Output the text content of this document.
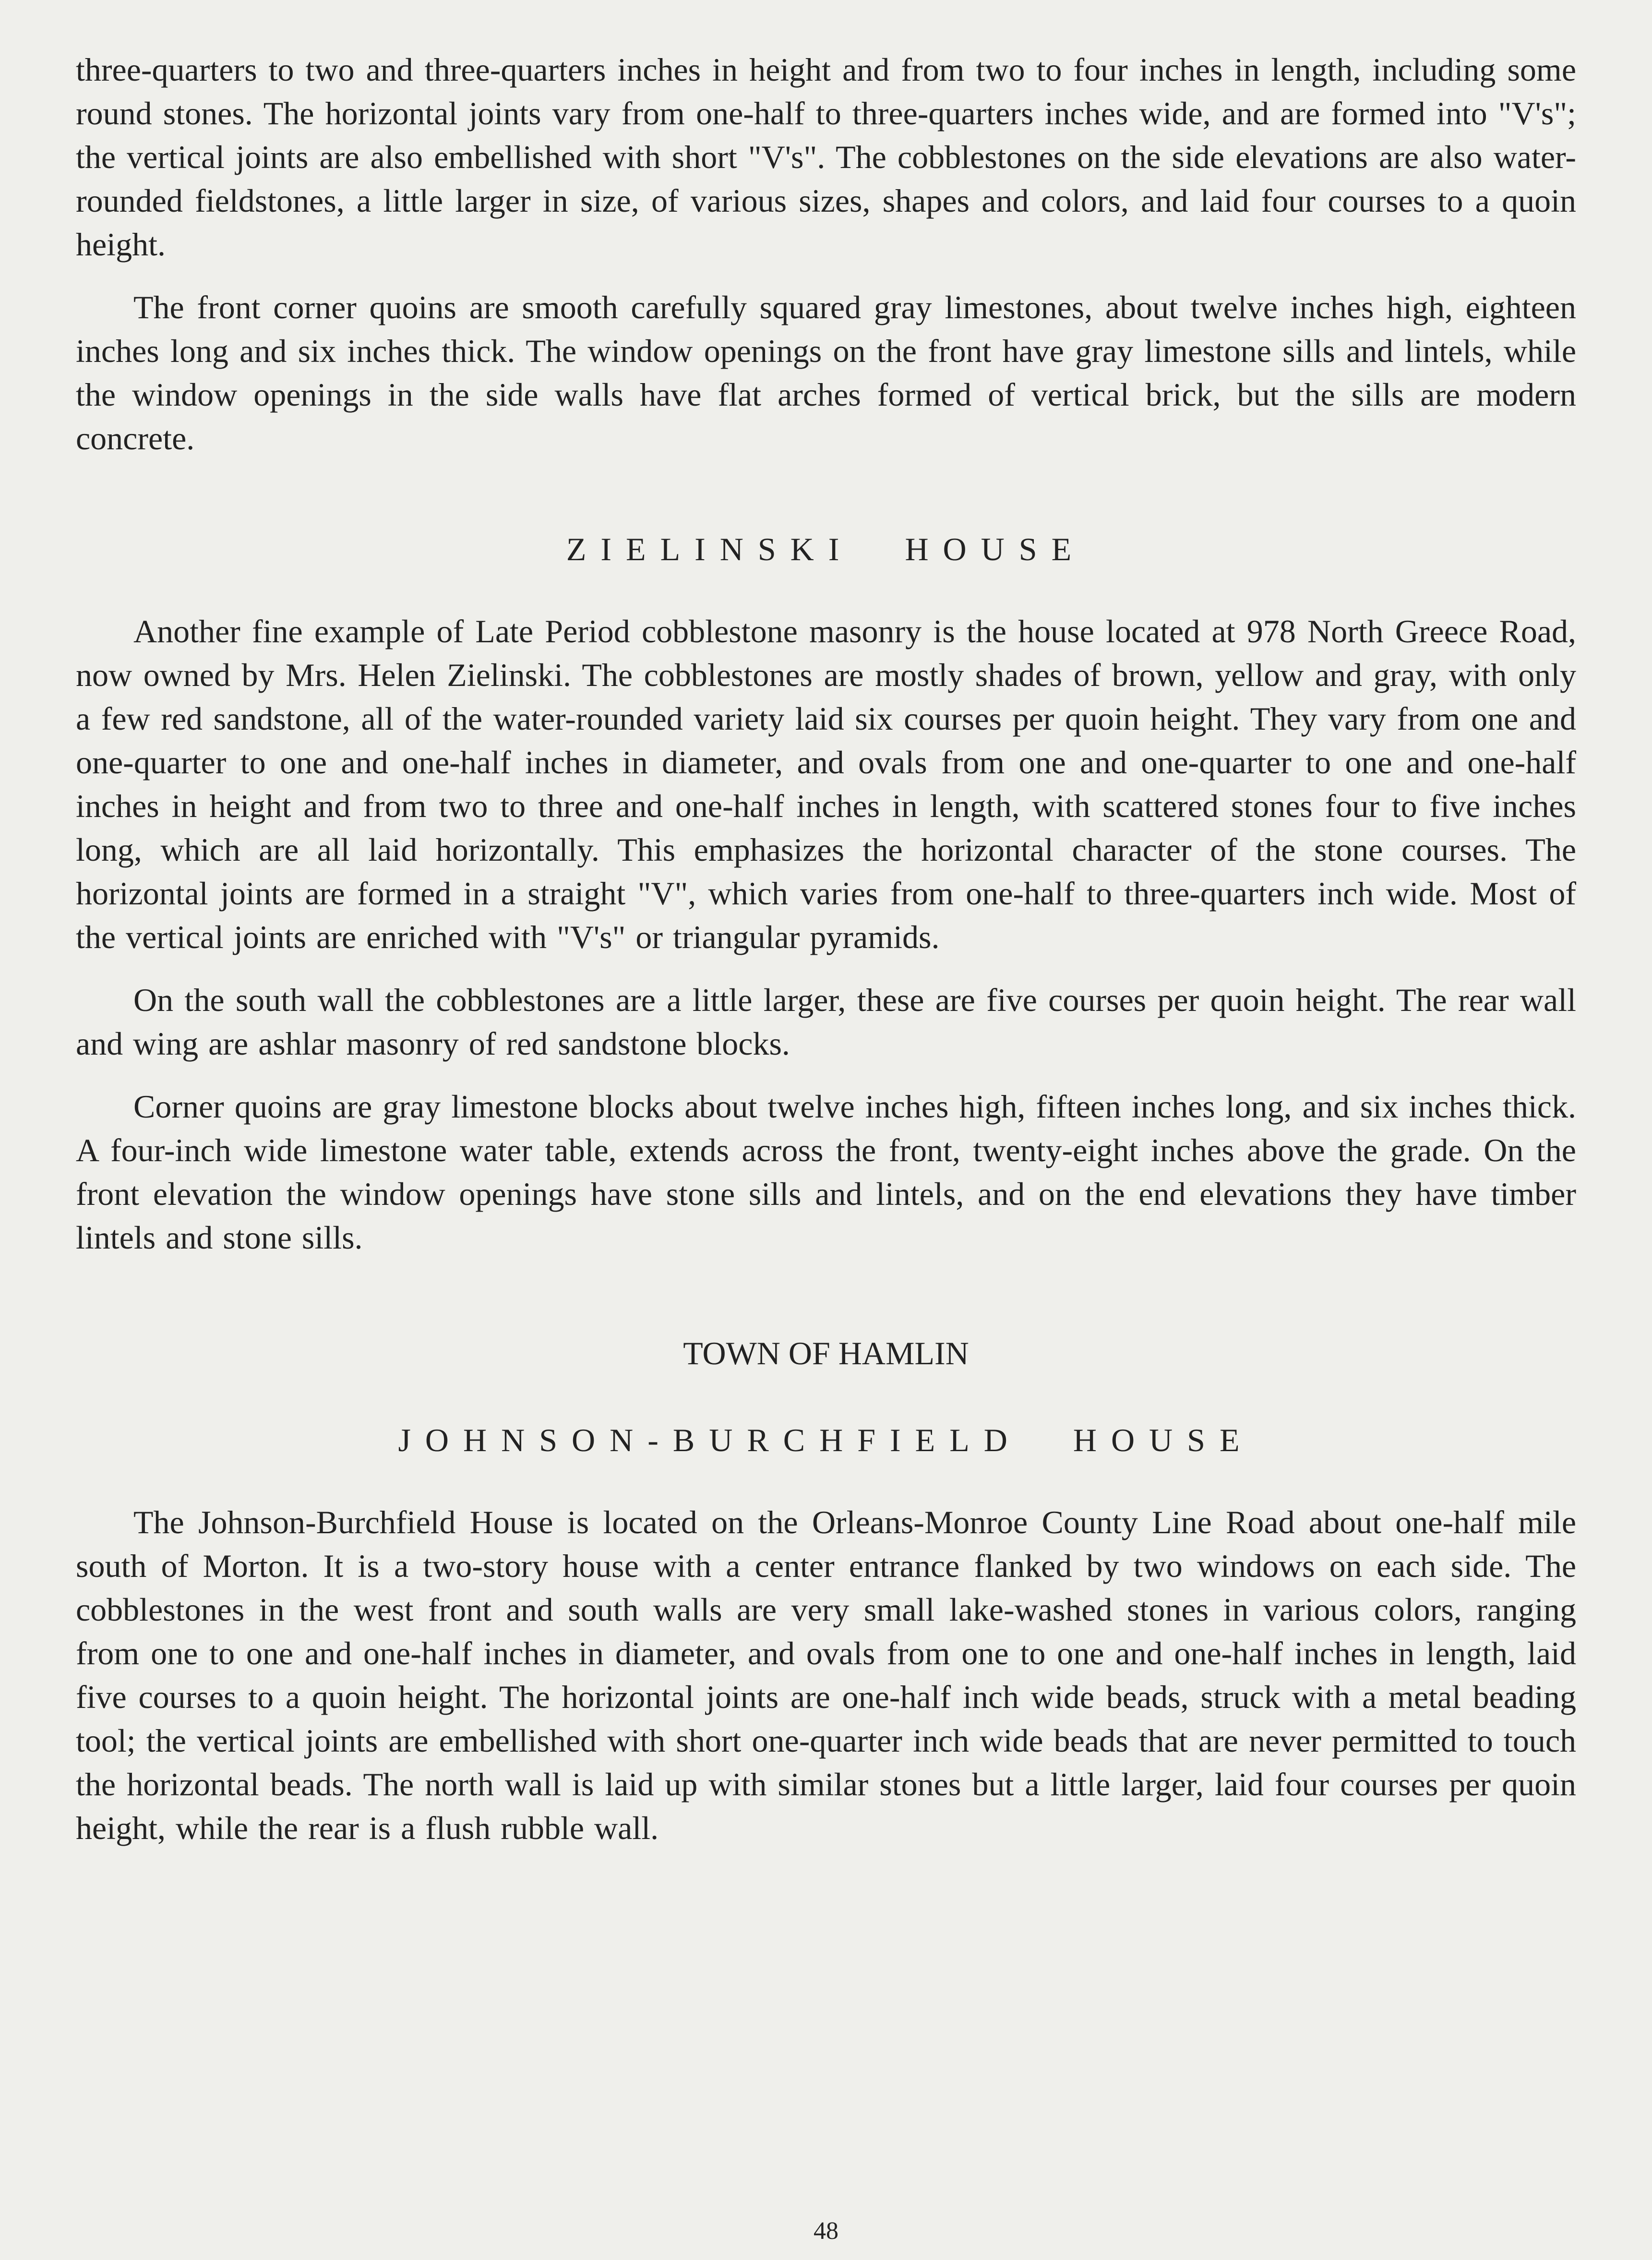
three-quarters to two and three-quarters inches in height and from two to four inches in length, including some round stones. The horizontal joints vary from one-half to three-quarters inches wide, and are formed into "V's"; the vertical joints are also embellished with short "V's". The cobblestones on the side elevations are also water-rounded fieldstones, a little larger in size, of various sizes, shapes and colors, and laid four courses to a quoin height.

The front corner quoins are smooth carefully squared gray limestones, about twelve inches high, eighteen inches long and six inches thick. The window openings on the front have gray limestone sills and lintels, while the window openings in the side walls have flat arches formed of vertical brick, but the sills are modern concrete.

ZIELINSKI HOUSE

Another fine example of Late Period cobblestone masonry is the house located at 978 North Greece Road, now owned by Mrs. Helen Zielinski. The cobblestones are mostly shades of brown, yellow and gray, with only a few red sandstone, all of the water-rounded variety laid six courses per quoin height. They vary from one and one-quarter to one and one-half inches in diameter, and ovals from one and one-quarter to one and one-half inches in height and from two to three and one-half inches in length, with scattered stones four to five inches long, which are all laid horizontally. This emphasizes the horizontal character of the stone courses. The horizontal joints are formed in a straight "V", which varies from one-half to three-quarters inch wide. Most of the vertical joints are enriched with "V's" or triangular pyramids.

On the south wall the cobblestones are a little larger, these are five courses per quoin height. The rear wall and wing are ashlar masonry of red sandstone blocks.

Corner quoins are gray limestone blocks about twelve inches high, fifteen inches long, and six inches thick. A four-inch wide limestone water table, extends across the front, twenty-eight inches above the grade. On the front elevation the window openings have stone sills and lintels, and on the end elevations they have timber lintels and stone sills.

TOWN OF HAMLIN
JOHNSON-BURCHFIELD HOUSE

The Johnson-Burchfield House is located on the Orleans-Monroe County Line Road about one-half mile south of Morton. It is a two-story house with a center entrance flanked by two windows on each side. The cobblestones in the west front and south walls are very small lake-washed stones in various colors, ranging from one to one and one-half inches in diameter, and ovals from one to one and one-half inches in length, laid five courses to a quoin height. The horizontal joints are one-half inch wide beads, struck with a metal beading tool; the vertical joints are embellished with short one-quarter inch wide beads that are never permitted to touch the horizontal beads. The north wall is laid up with similar stones but a little larger, laid four courses per quoin height, while the rear is a flush rubble wall.

48
